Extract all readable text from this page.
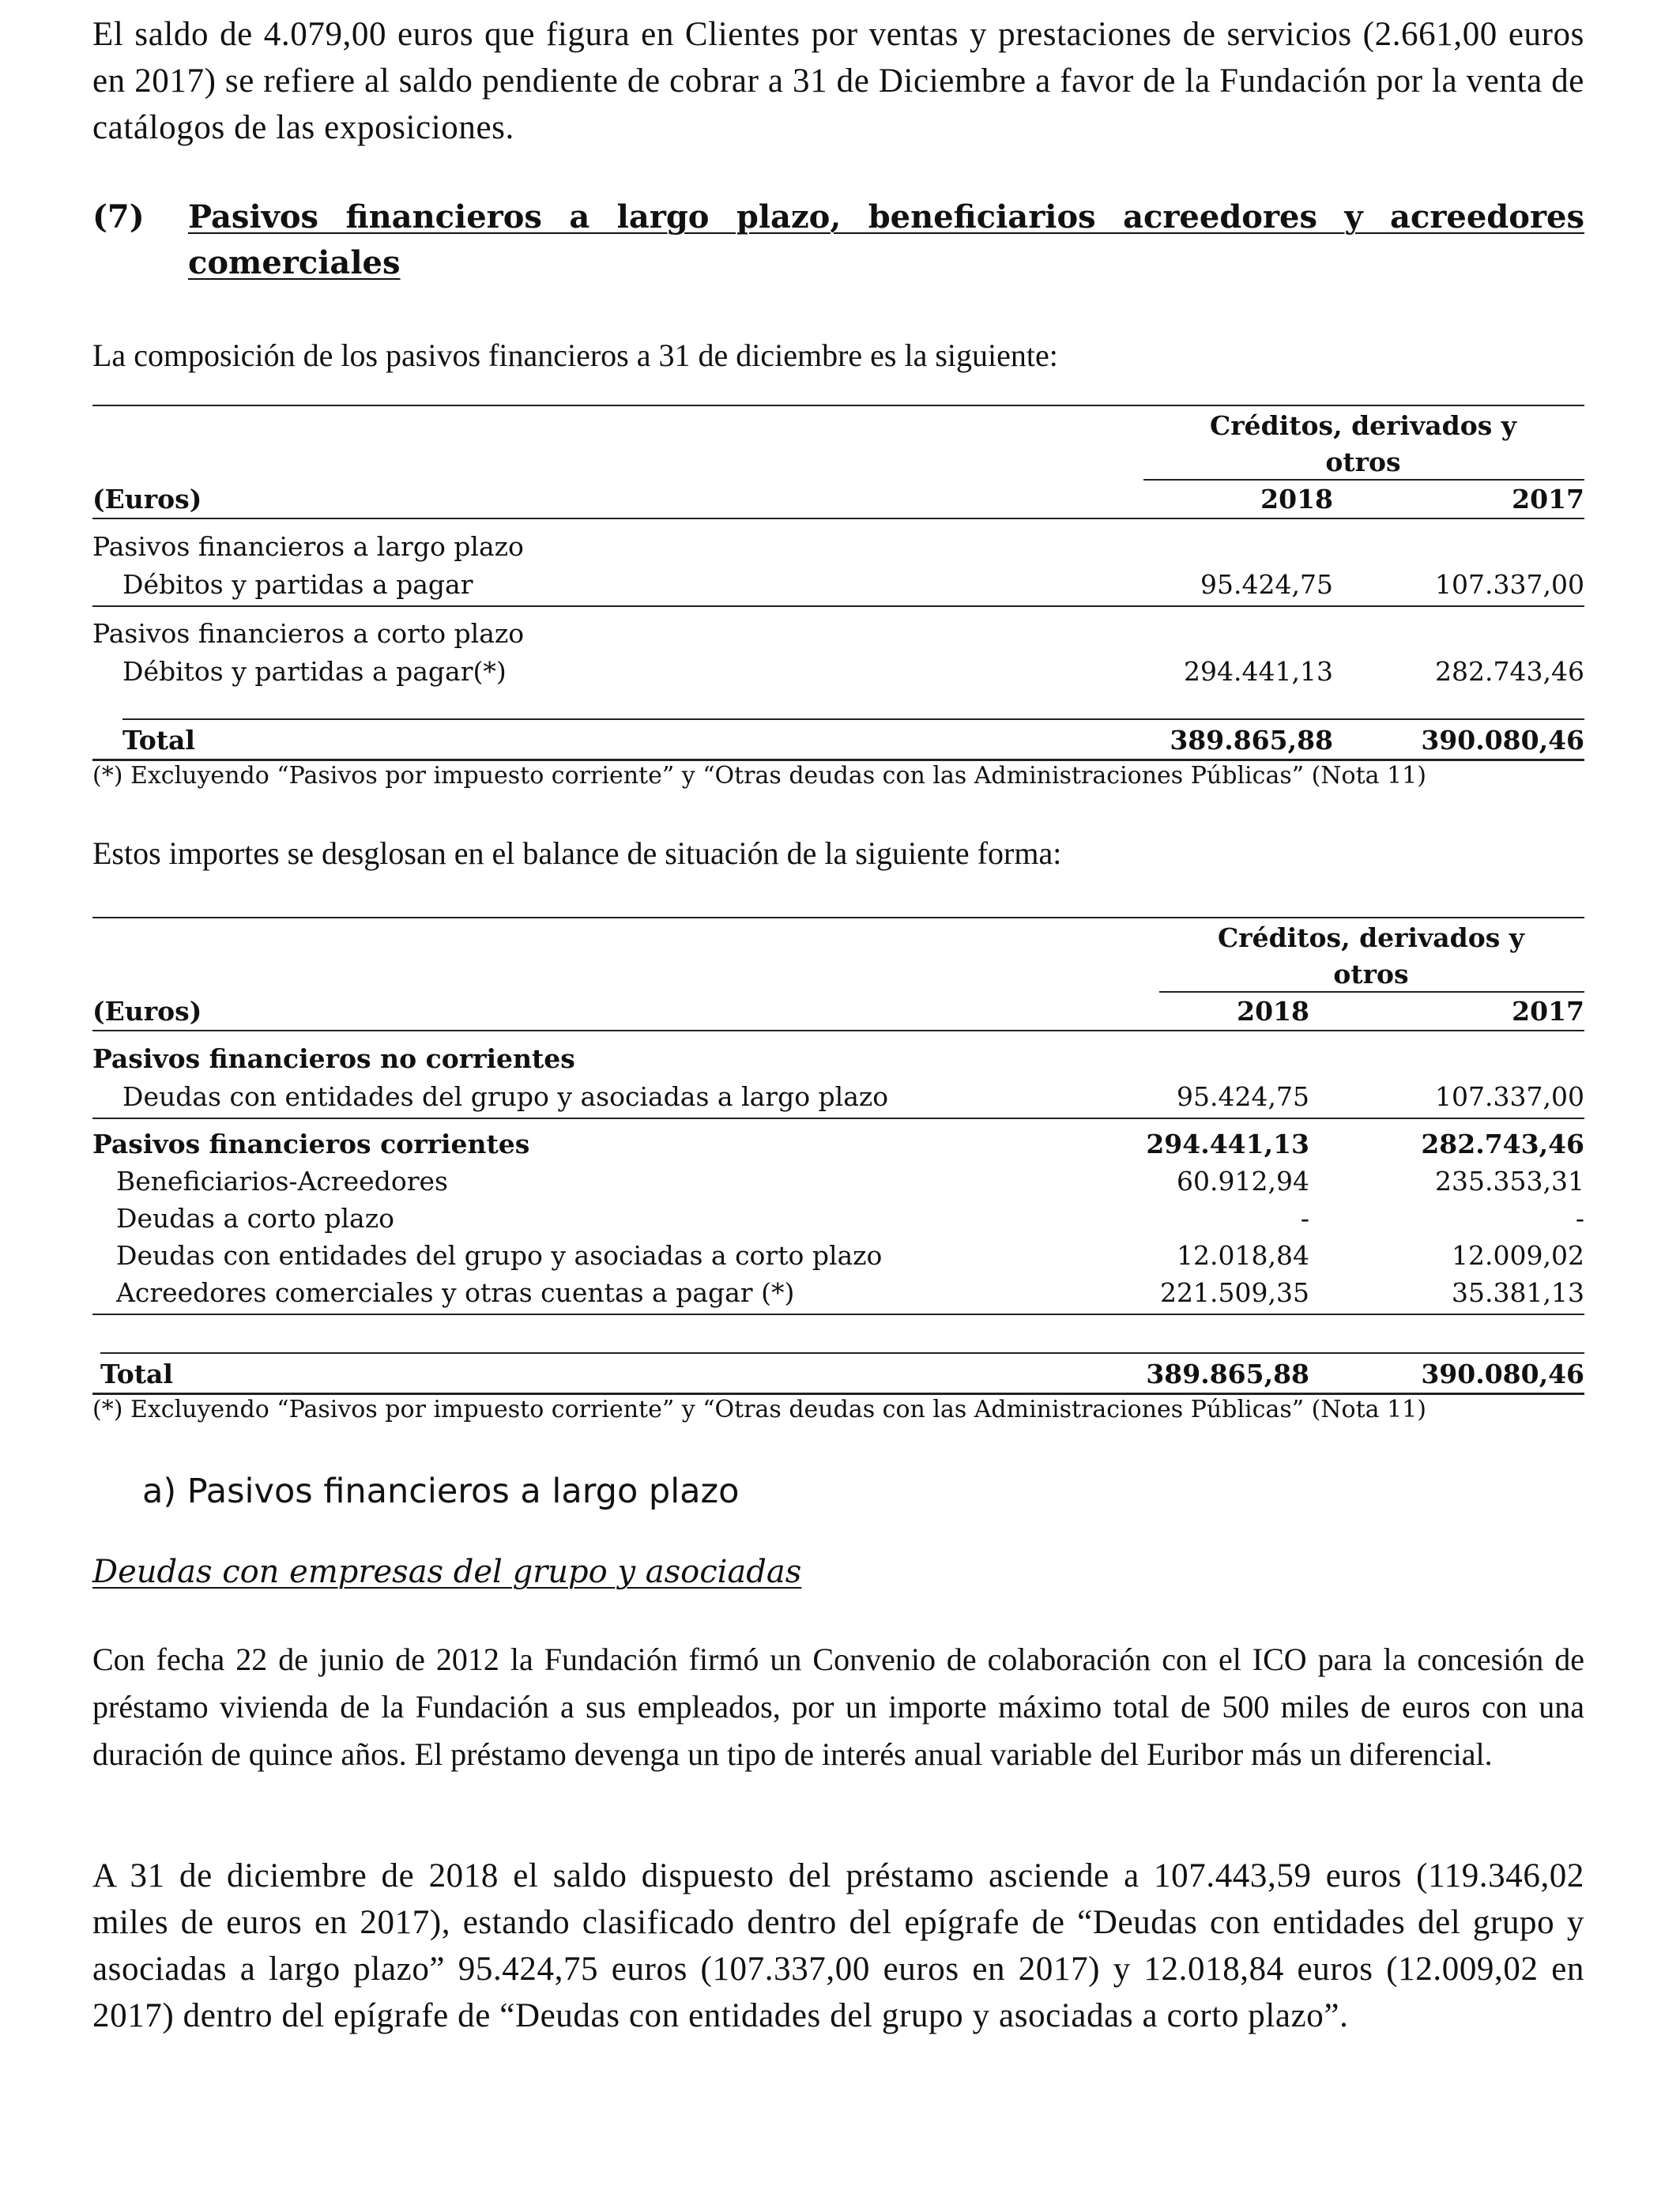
El saldo de 4.079,00 euros que figura en Clientes por ventas y prestaciones de servicios (2.661,00 euros en 2017) se refiere al saldo pendiente de cobrar a 31 de Diciembre a favor de la Fundación por la venta de catálogos de las exposiciones.

(7)	Pasivos financieros a largo plazo, beneficiarios acreedores y acreedores comerciales

La composición de los pasivos financieros a 31 de diciembre es la siguiente:

Créditos, derivados y
otros
(Euros)	2018	2017
Pasivos financieros a largo plazo
Débitos y partidas a pagar	95.424,75	107.337,00
Pasivos financieros a corto plazo
Débitos y partidas a pagar(*)	294.441,13	282.743,46
Total	389.865,88	390.080,46
(*) Excluyendo “Pasivos por impuesto corriente” y “Otras deudas con las Administraciones Públicas” (Nota 11)

Estos importes se desglosan en el balance de situación de la siguiente forma:

Créditos, derivados y
otros
(Euros)	2018	2017
Pasivos financieros no corrientes
Deudas con entidades del grupo y asociadas a largo plazo	95.424,75	107.337,00
Pasivos financieros corrientes	294.441,13	282.743,46
Beneficiarios-Acreedores	60.912,94	235.353,31
Deudas a corto plazo	-	-
Deudas con entidades del grupo y asociadas a corto plazo	12.018,84	12.009,02
Acreedores comerciales y otras cuentas a pagar (*)	221.509,35	35.381,13
Total	389.865,88	390.080,46
(*) Excluyendo “Pasivos por impuesto corriente” y “Otras deudas con las Administraciones Públicas” (Nota 11)
a) Pasivos financieros a largo plazo
Deudas con empresas del grupo y asociadas

Con fecha 22 de junio de 2012 la Fundación firmó un Convenio de colaboración con el ICO para la concesión de préstamo vivienda de la Fundación a sus empleados, por un importe máximo total de 500 miles de euros con una duración de quince años. El préstamo devenga un tipo de interés anual variable del Euribor más un diferencial.

A 31 de diciembre de 2018 el saldo dispuesto del préstamo asciende a 107.443,59 euros (119.346,02 miles de euros en 2017), estando clasificado dentro del epígrafe de “Deudas con entidades del grupo y asociadas a largo plazo” 95.424,75 euros (107.337,00 euros en 2017) y 12.018,84 euros (12.009,02 en 2017) dentro del epígrafe de “Deudas con entidades del grupo y asociadas a corto plazo”.
